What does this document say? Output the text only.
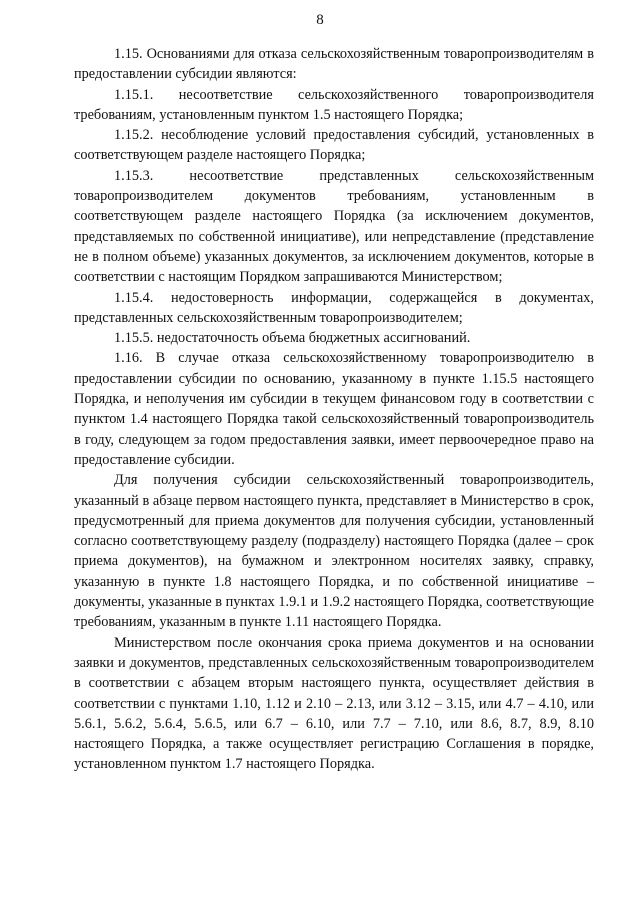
8

1.15. Основаниями для отказа сельскохозяйственным товаропроизводителям в предоставлении субсидии являются:

1.15.1. несоответствие сельскохозяйственного товаропроизводителя требованиям, установленным пунктом 1.5 настоящего Порядка;

1.15.2. несоблюдение условий предоставления субсидий, установленных в соответствующем разделе настоящего Порядка;

1.15.3. несоответствие представленных сельскохозяйственным товаропроизводителем документов требованиям, установленным в соответствующем разделе настоящего Порядка (за исключением документов, представляемых по собственной инициативе), или непредставление (представление не в полном объеме) указанных документов, за исключением документов, которые в соответствии с настоящим Порядком запрашиваются Министерством;

1.15.4. недостоверность информации, содержащейся в документах, представленных сельскохозяйственным товаропроизводителем;

1.15.5. недостаточность объема бюджетных ассигнований.

1.16. В случае отказа сельскохозяйственному товаропроизводителю в предоставлении субсидии по основанию, указанному в пункте 1.15.5 настоящего Порядка, и неполучения им субсидии в текущем финансовом году в соответствии с пунктом 1.4 настоящего Порядка такой сельскохозяйственный товаропроизводитель в году, следующем за годом предоставления заявки, имеет первоочередное право на предоставление субсидии.

Для получения субсидии сельскохозяйственный товаропроизводитель, указанный в абзаце первом настоящего пункта, представляет в Министерство в срок, предусмотренный для приема документов для получения субсидии, установленный согласно соответствующему разделу (подразделу) настоящего Порядка (далее – срок приема документов), на бумажном и электронном носителях заявку, справку, указанную в пункте 1.8 настоящего Порядка, и по собственной инициативе – документы, указанные в пунктах 1.9.1 и 1.9.2 настоящего Порядка, соответствующие требованиям, указанным в пункте 1.11 настоящего Порядка.

Министерством после окончания срока приема документов и на основании заявки и документов, представленных сельскохозяйственным товаропроизводителем в соответствии с абзацем вторым настоящего пункта, осуществляет действия в соответствии с пунктами 1.10, 1.12 и 2.10 – 2.13, или 3.12 – 3.15, или 4.7 – 4.10, или 5.6.1, 5.6.2, 5.6.4, 5.6.5, или 6.7 – 6.10, или 7.7 – 7.10, или 8.6, 8.7, 8.9, 8.10 настоящего Порядка, а также осуществляет регистрацию Соглашения в порядке, установленном пунктом 1.7 настоящего Порядка.
